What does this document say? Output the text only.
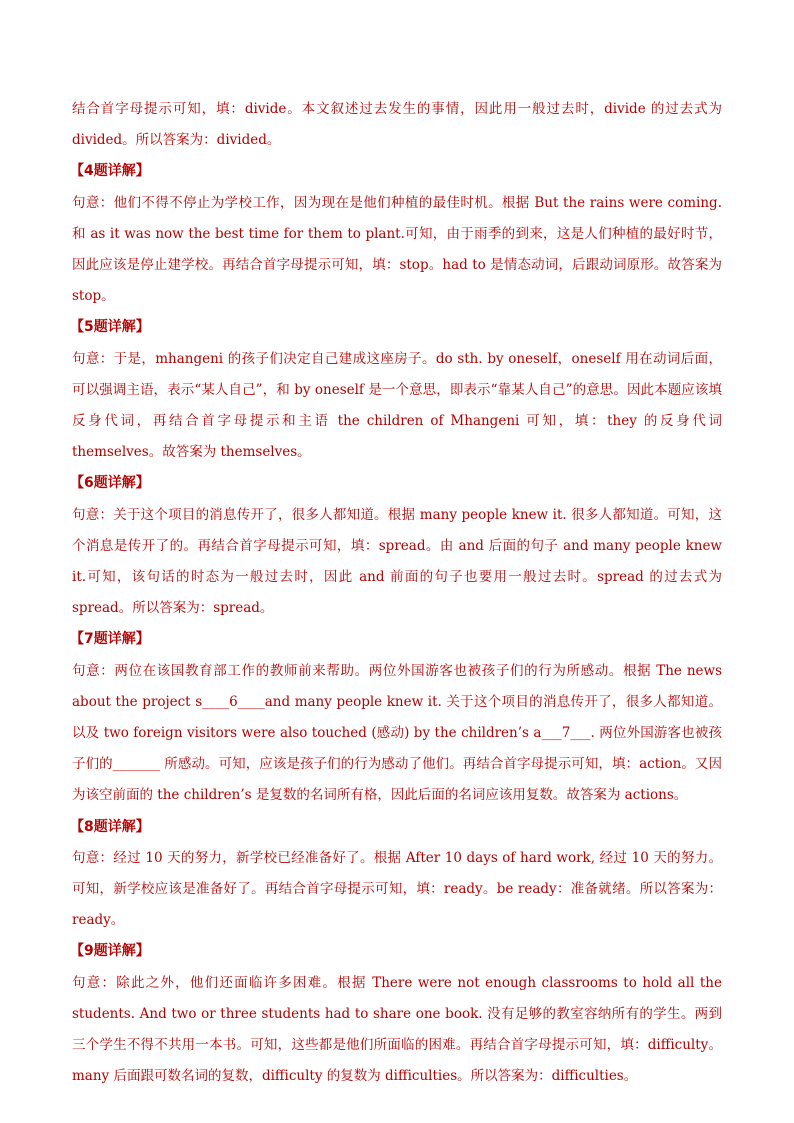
结合首字母提示可知，填：divide。本文叙述过去发生的事情，因此用一般过去时，divide 的过去式为 divided。所以答案为：divided。

【4题详解】

句意：他们不得不停止为学校工作，因为现在是他们种植的最佳时机。根据 But the rains were coming. 和 as it was now the best time for them to plant.可知，由于雨季的到来，这是人们种植的最好时节，因此应该是停止建学校。再结合首字母提示可知，填：stop。had to 是情态动词，后跟动词原形。故答案为 stop。

【5题详解】

句意：于是，mhangeni 的孩子们决定自己建成这座房子。do sth. by oneself，oneself 用在动词后面，可以强调主语，表示“某人自己”，和 by oneself 是一个意思，即表示“靠某人自己”的意思。因此本题应该填反身代词，再结合首字母提示和主语 the children of Mhangeni 可知，填：they 的反身代词 themselves。故答案为 themselves。

【6题详解】

句意：关于这个项目的消息传开了，很多人都知道。根据 many people knew it. 很多人都知道。可知，这个消息是传开了的。再结合首字母提示可知，填：spread。由 and 后面的句子 and many people knew it.可知，该句话的时态为一般过去时，因此 and 前面的句子也要用一般过去时。spread 的过去式为 spread。所以答案为：spread。

【7题详解】

句意：两位在该国教育部工作的教师前来帮助。两位外国游客也被孩子们的行为所感动。根据 The news about the project s____6____and many people knew it. 关于这个项目的消息传开了，很多人都知道。以及 two foreign visitors were also touched (感动) by the children’s a___7___. 两位外国游客也被孩子们的_______ 所感动。可知，应该是孩子们的行为感动了他们。再结合首字母提示可知，填：action。又因为该空前面的 the children’s 是复数的名词所有格，因此后面的名词应该用复数。故答案为 actions。

【8题详解】

句意：经过 10 天的努力，新学校已经准备好了。根据 After 10 days of hard work, 经过 10 天的努力。可知，新学校应该是准备好了。再结合首字母提示可知，填：ready。be ready：准备就绪。所以答案为：ready。

【9题详解】

句意：除此之外，他们还面临许多困难。根据 There were not enough classrooms to hold all the students. And two or three students had to share one book. 没有足够的教室容纳所有的学生。两到三个学生不得不共用一本书。可知，这些都是他们所面临的困难。再结合首字母提示可知，填：difficulty。many 后面跟可数名词的复数，difficulty 的复数为 difficulties。所以答案为：difficulties。
